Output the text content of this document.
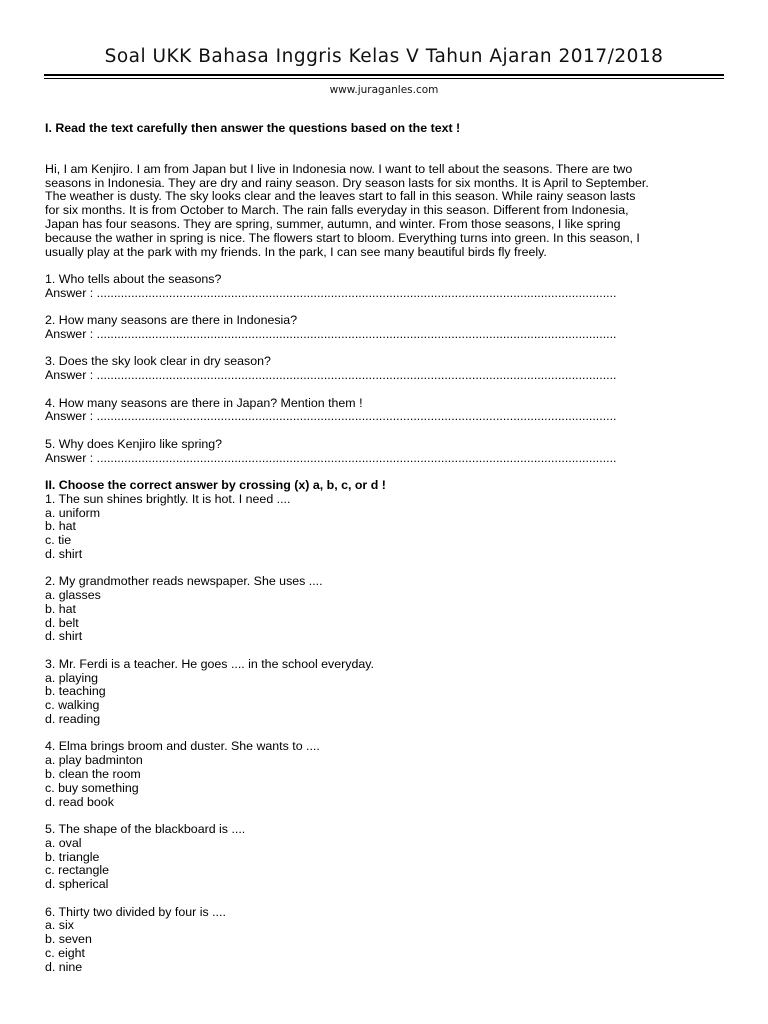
Soal UKK Bahasa Inggris Kelas V Tahun Ajaran 2017/2018
www.juraganles.com

I. Read the text carefully then answer the questions based on the text !

Hi, I am Kenjiro. I am from Japan but I live in Indonesia now. I want to tell about the seasons. There are two
seasons in Indonesia. They are dry and rainy season. Dry season lasts for six months. It is April to September.
The weather is dusty. The sky looks clear and the leaves start to fall in this season. While rainy season lasts
for six months. It is from October to March. The rain falls everyday in this season. Different from Indonesia,
Japan has four seasons. They are spring, summer, autumn, and winter. From those seasons, I like spring
because the wather in spring is nice. The flowers start to bloom. Everything turns into green. In this season, I
usually play at the park with my friends. In the park, I can see many beautiful birds fly freely.
1. Who tells about the seasons?
Answer : .......................................................................................................................................................
2. How many seasons are there in Indonesia?
Answer : .......................................................................................................................................................
3. Does the sky look clear in dry season?
Answer : .......................................................................................................................................................
4. How many seasons are there in Japan? Mention them !
Answer : .......................................................................................................................................................
5. Why does Kenjiro like spring?
Answer : .......................................................................................................................................................

II. Choose the correct answer by crossing (x) a, b, c, or d !

1. The sun shines brightly. It is hot. I need ....
a. uniform
b. hat
c. tie
d. shirt
2. My grandmother reads newspaper. She uses ....
a. glasses
b. hat
d. belt
d. shirt
3. Mr. Ferdi is a teacher. He goes .... in the school everyday.
a. playing
b. teaching
c. walking
d. reading
4. Elma brings broom and duster. She wants to ....
a. play badminton
b. clean the room
c. buy something
d. read book
5. The shape of the blackboard is ....
a. oval
b. triangle
c. rectangle
d. spherical
6. Thirty two divided by four is ....
a. six
b. seven
c. eight
d. nine
